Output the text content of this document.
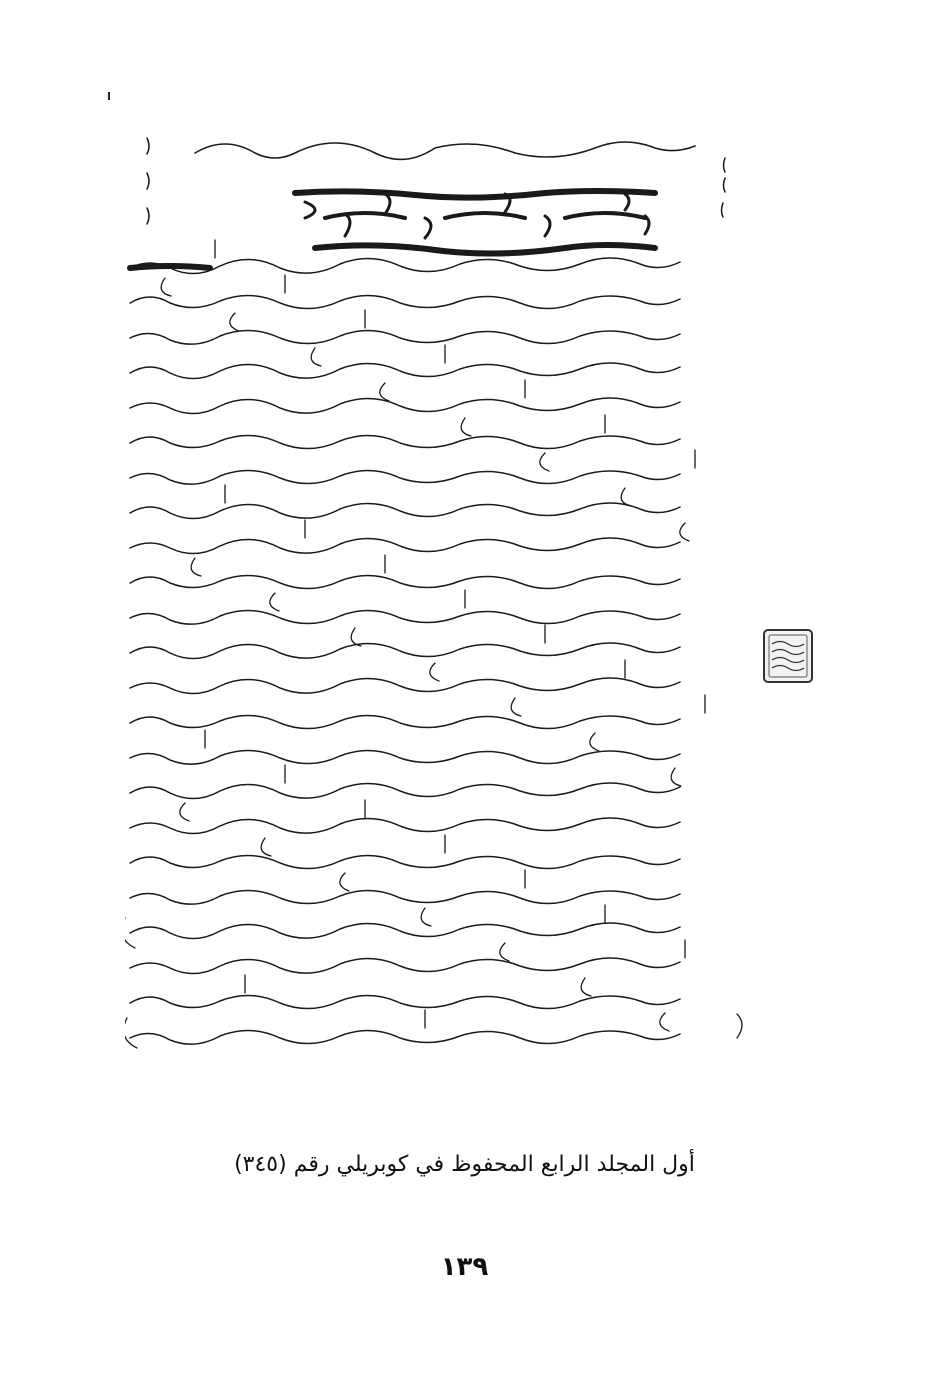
أول المجلد الرابع المحفوظ في كوبريلي رقم (٣٤٥)
١٣٩
